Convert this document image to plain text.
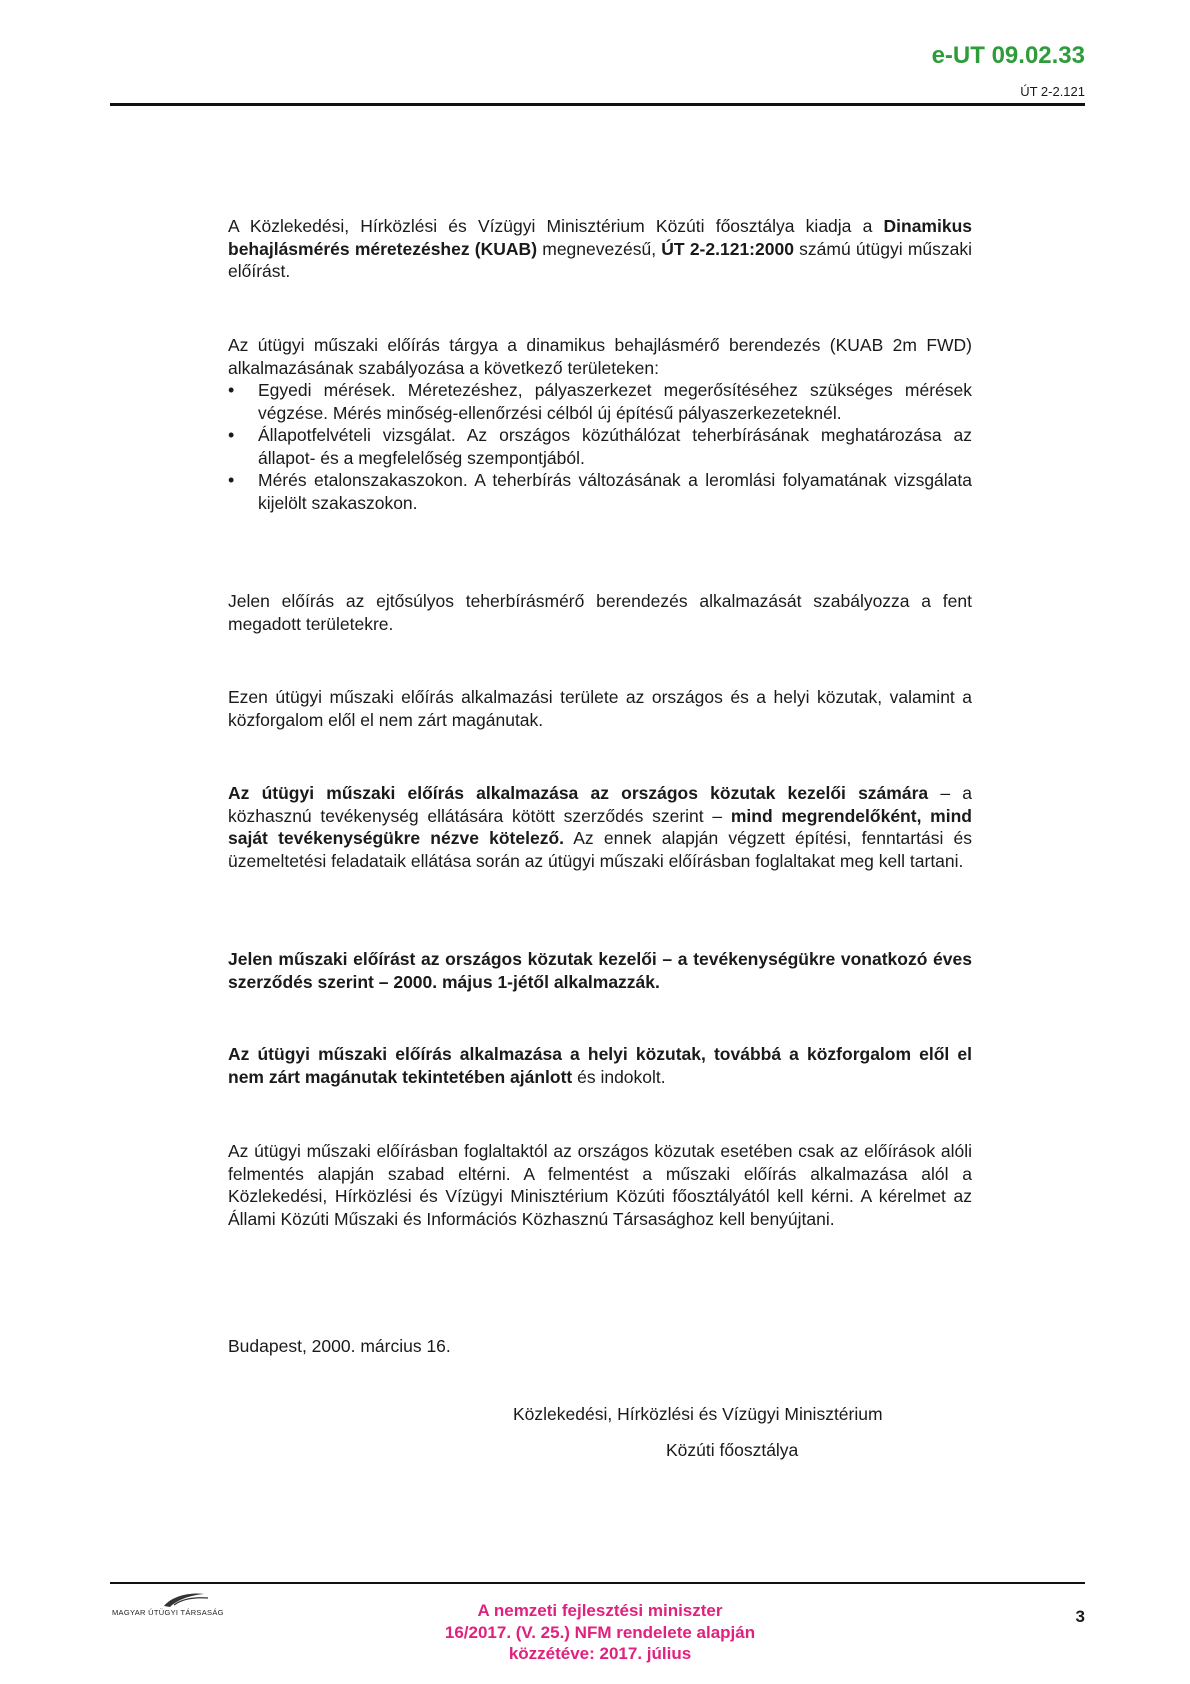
e-UT 09.02.33
ÚT 2-2.121

A Közlekedési, Hírközlési és Vízügyi Minisztérium Közúti főosztálya kiadja a Dinamikus behajlásmérés méretezéshez (KUAB) megnevezésű, ÚT 2-2.121:2000 számú útügyi műszaki előírást.

Az útügyi műszaki előírás tárgya a dinamikus behajlásmérő berendezés (KUAB 2m FWD) alkalmazásának szabályozása a következő területeken:

• Egyedi mérések. Méretezéshez, pályaszerkezet megerősítéséhez szükséges mérések végzése. Mérés minőség-ellenőrzési célból új építésű pályaszerkezeteknél.
• Állapotfelvételi vizsgálat. Az országos közúthálózat teherbírásának meghatározása az állapot- és a megfelelőség szempontjából.
• Mérés etalonszakaszokon. A teherbírás változásának a leromlási folyamatának vizsgálata kijelölt szakaszokon.

Jelen előírás az ejtősúlyos teherbírásmérő berendezés alkalmazását szabályozza a fent megadott területekre.

Ezen útügyi műszaki előírás alkalmazási területe az országos és a helyi közutak, valamint a közforgalom elől el nem zárt magánutak.

Az útügyi műszaki előírás alkalmazása az országos közutak kezelői számára – a közhasznú tevékenység ellátására kötött szerződés szerint – mind megrendelőként, mind saját tevékenységükre nézve kötelező. Az ennek alapján végzett építési, fenntartási és üzemeltetési feladataik ellátása során az útügyi műszaki előírásban foglaltakat meg kell tartani.

Jelen műszaki előírást az országos közutak kezelői – a tevékenységükre vonatkozó éves szerződés szerint – 2000. május 1-jétől alkalmazzák.

Az útügyi műszaki előírás alkalmazása a helyi közutak, továbbá a közforgalom elől el nem zárt magánutak tekintetében ajánlott és indokolt.

Az útügyi műszaki előírásban foglaltaktól az országos közutak esetében csak az előírások alóli felmentés alapján szabad eltérni. A felmentést a műszaki előírás alkalmazása alól a Közlekedési, Hírközlési és Vízügyi Minisztérium Közúti főosztályától kell kérni. A kérelmet az Állami Közúti Műszaki és Információs Közhasznú Társasághoz kell benyújtani.

Budapest, 2000. március 16.
Közlekedési, Hírközlési és Vízügyi Minisztérium
Közúti főosztálya
MAGYAR ÚTÜGYI TÁRSASÁG	A nemzeti fejlesztési miniszter
16/2017. (V. 25.) NFM rendelete alapján
közzétéve: 2017. július
3
